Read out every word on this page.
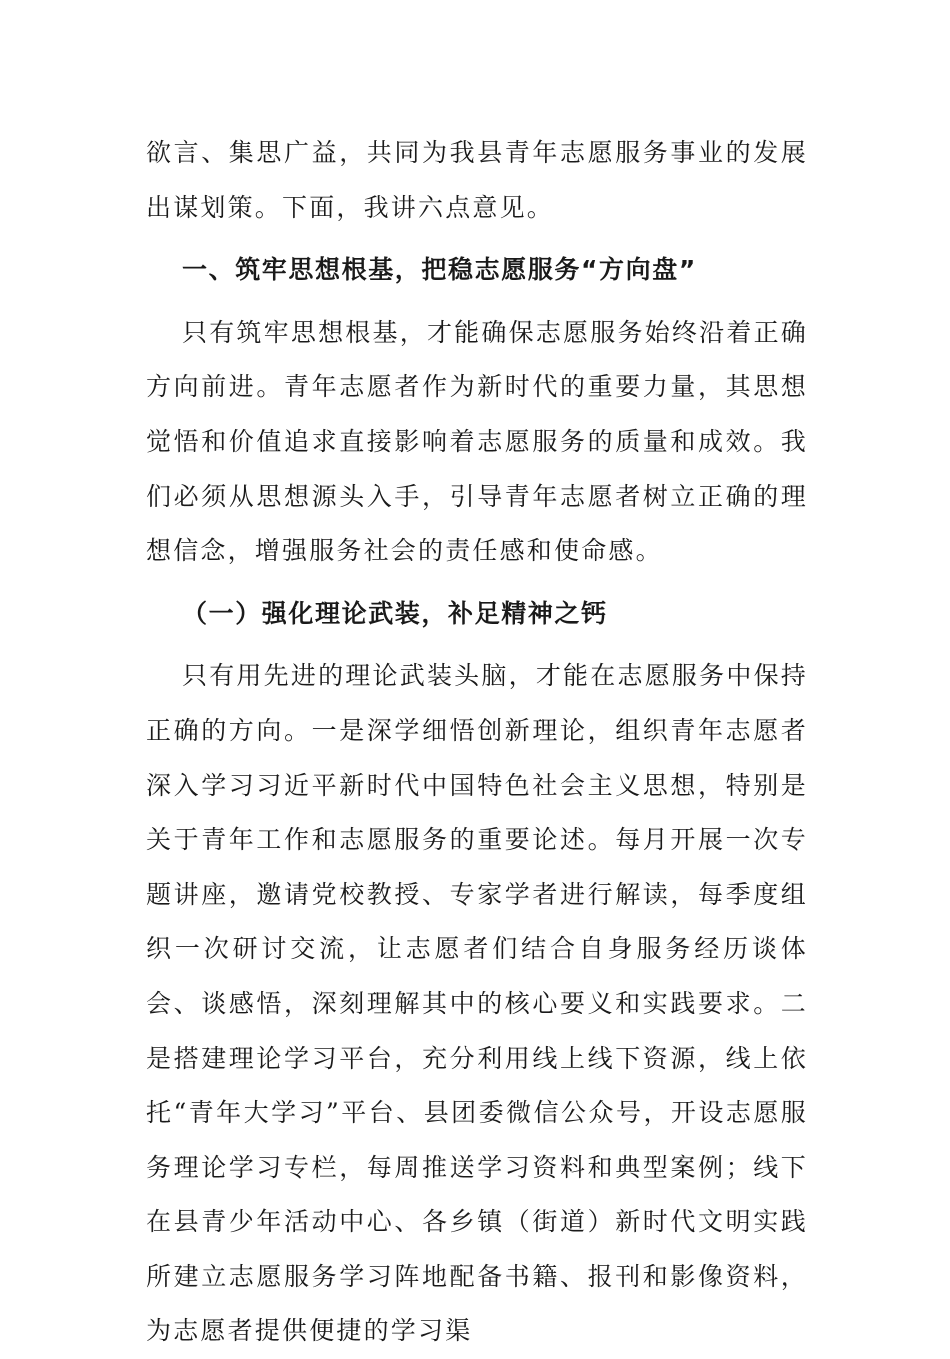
欲言、集思广益，共同为我县青年志愿服务事业的发展出谋划策。下面，我讲六点意见。

一、筑牢思想根基，把稳志愿服务“方向盘”

只有筑牢思想根基，才能确保志愿服务始终沿着正确方向前进。青年志愿者作为新时代的重要力量，其思想觉悟和价值追求直接影响着志愿服务的质量和成效。我们必须从思想源头入手，引导青年志愿者树立正确的理想信念，增强服务社会的责任感和使命感。

（一）强化理论武装，补足精神之钙

只有用先进的理论武装头脑，才能在志愿服务中保持正确的方向。一是深学细悟创新理论，组织青年志愿者深入学习习近平新时代中国特色社会主义思想，特别是关于青年工作和志愿服务的重要论述。每月开展一次专题讲座，邀请党校教授、专家学者进行解读，每季度组织一次研讨交流，让志愿者们结合自身服务经历谈体会、谈感悟，深刻理解其中的核心要义和实践要求。二是搭建理论学习平台，充分利用线上线下资源，线上依托“青年大学习”平台、县团委微信公众号，开设志愿服务理论学习专栏，每周推送学习资料和典型案例；线下在县青少年活动中心、各乡镇（街道）新时代文明实践所建立志愿服务学习阵地配备书籍、报刊和影像资料，为志愿者提供便捷的学习渠
